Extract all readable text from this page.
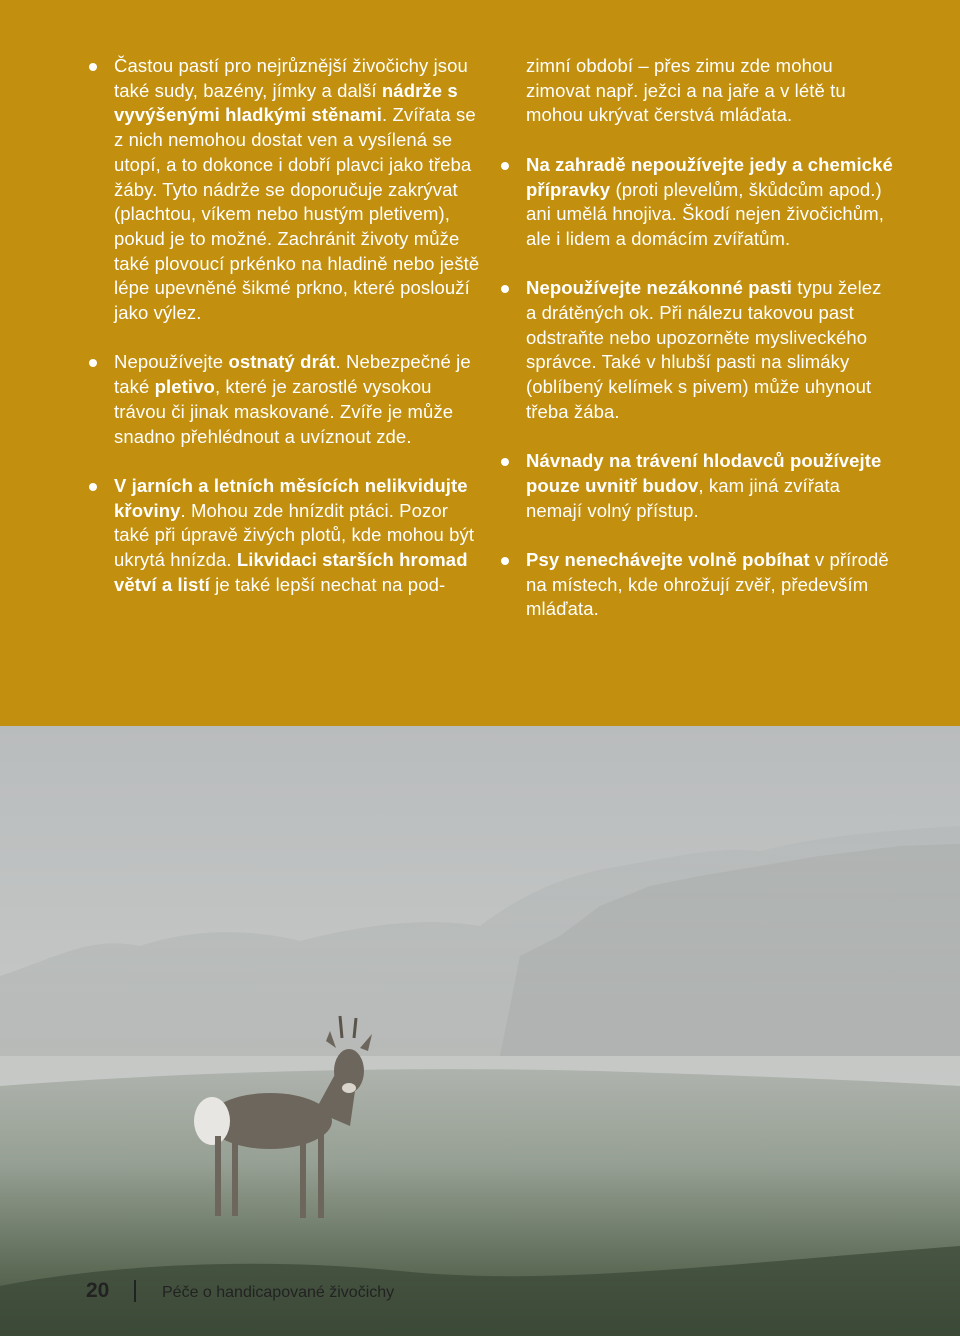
Častou pastí pro nejrůznější živočichy jsou také sudy, bazény, jímky a další nádrže s vyvýšenými hladkými stěnami. Zvířata se z nich nemohou dostat ven a vysílená se utopí, a to dokonce i dobří plavci jako třeba žáby. Tyto nádrže se doporučuje zakrývat (plachtou, víkem nebo hustým pletivem), pokud je to možné. Zachránit životy může také plovoucí prkénko na hladině nebo ještě lépe upevněné šikmé prkno, které poslouží jako výlez.
Nepoužívejte ostnatý drát. Nebezpečné je také pletivo, které je zarostlé vysokou trávou či jinak maskované. Zvíře je může snadno přehlédnout a uvíznout zde.
V jarních a letních měsících nelikvidujte křoviny. Mohou zde hnízdit ptáci. Pozor také při úpravě živých plotů, kde mohou být ukrytá hnízda. Likvidaci starších hromad větví a listí je také lepší nechat na pod-
zimní období – přes zimu zde mohou zimovat např. ježci a na jaře a v létě tu mohou ukrývat čerstvá mláďata.
Na zahradě nepoužívejte jedy a chemické přípravky (proti plevelům, škůdcům apod.) ani umělá hnojiva. Škodí nejen živočichům, ale i lidem a domácím zvířatům.
Nepoužívejte nezákonné pasti typu želez a drátěných ok. Při nálezu takovou past odstraňte nebo upozorněte mysliveckého správce. Také v hlubší pasti na slimáky (oblíbený kelímek s pivem) může uhynout třeba žába.
Návnady na trávení hlodavců používejte pouze uvnitř budov, kam jiná zvířata nemají volný přístup.
Psy nenechávejte volně pobíhat v přírodě na místech, kde ohrožují zvěř, především mláďata.
20	Péče o handicapované živočichy
